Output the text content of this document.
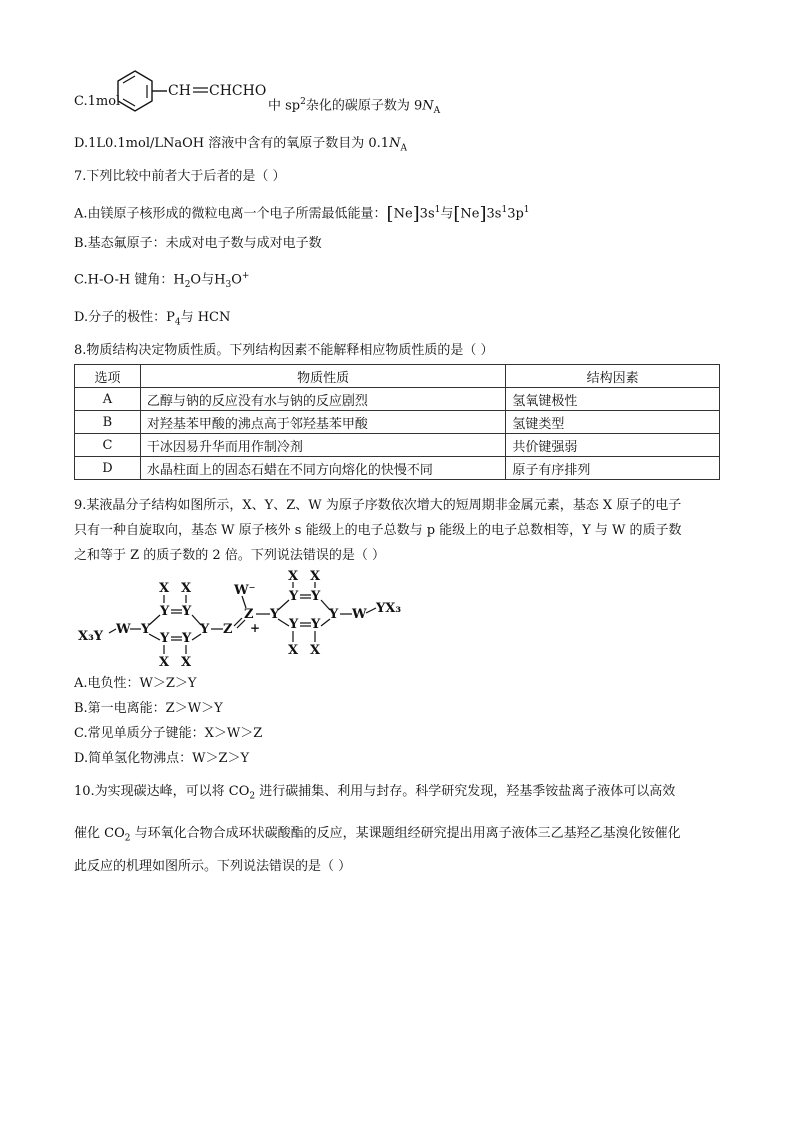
C.1mol
CH CHCHO
中 $sp^2$杂化的碳原子数为 $9N_A$
D.1L0.1mol/LNaOH 溶液中含有的氧原子数目为 $0.1N_A$
7.下列比较中前者大于后者的是（ ）
A.由镁原子核形成的微粒电离一个电子所需最低能量：$[Ne]3s^1$与$[Ne]3s^13p^1$
B.基态氟原子：未成对电子数与成对电子数
C.H-O-H 键角：$H_2O$与$H_3O^+$
D.分子的极性：$P_4$与 HCN
8.物质结构决定物质性质。下列结构因素不能解释相应物质性质的是（ ）
选项	物质性质	结构因素
A	乙醇与钠的反应没有水与钠的反应剧烈	氢氧键极性
B	对羟基苯甲酸的沸点高于邻羟基苯甲酸	氢键类型
C	干冰因易升华而用作制冷剂	共价键强弱
D	水晶柱面上的固态石蜡在不同方向熔化的快慢不同	原子有序排列
9.某液晶分子结构如图所示，X、Y、Z、W 为原子序数依次增大的短周期非金属元素，基态 X 原子的电子
只有一种自旋取向，基态 W 原子核外 s 能级上的电子总数与 p 能级上的电子总数相等，Y 与 W 的质子数
之和等于 Z 的质子数的 2 倍。下列说法错误的是（ ）
X₃Y W Y
Y Y
Y
Y
Y
X X
X X
Z
Z
+
W⁻
Y
Y Y
Y
Y
Y
X X
X X
W YX₃
A.电负性：W＞Z＞Y
B.第一电离能：Z＞W＞Y
C.常见单质分子键能：X＞W＞Z
D.简单氢化物沸点：W＞Z＞Y
10.为实现碳达峰，可以将 $CO_2$ 进行碳捕集、利用与封存。科学研究发现，羟基季铵盐离子液体可以高效
催化 $CO_2$ 与环氧化合物合成环状碳酸酯的反应，某课题组经研究提出用离子液体三乙基羟乙基溴化铵催化
此反应的机理如图所示。下列说法错误的是（ ）
